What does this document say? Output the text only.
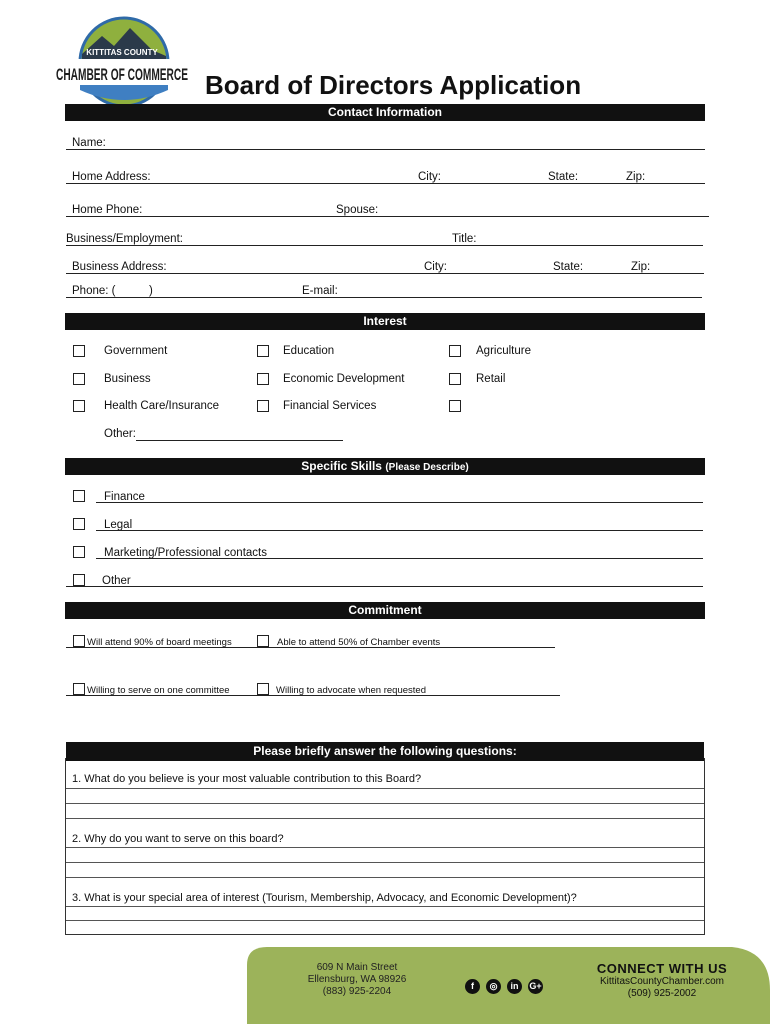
KITTITAS COUNTY
CHAMBER OF COMMERCE Board of Directors Application
Contact Information
Name:
Home Address:	City:	State:	Zip:
Home Phone:	Spouse:
Business/Employment:	Title:
Business Address:	City:	State:	Zip:
Phone: (	)	E-mail:
Interest
Government	Education	Agriculture
Business	Economic Development	Retail
Health Care/Insurance	Financial Services
Other:
Specific Skills (Please Describe)
Finance
Legal
Marketing/Professional contacts
Other
Commitment
Will attend 90% of board meetings	Able to attend 50% of Chamber events
Willing to serve on one committee	Willing to advocate when requested
Please briefly answer the following questions:
1. What do you believe is your most valuable contribution to this Board?
2. Why do you want to serve on this board?
3. What is your special area of interest (Tourism, Membership, Advocacy, and Economic Development)?
609 N Main Street
Ellensburg, WA 98926
(883) 925-2204	f	◎	in	G+
CONNECT WITH US
KittitasCountyChamber.com
(509) 925-2002
